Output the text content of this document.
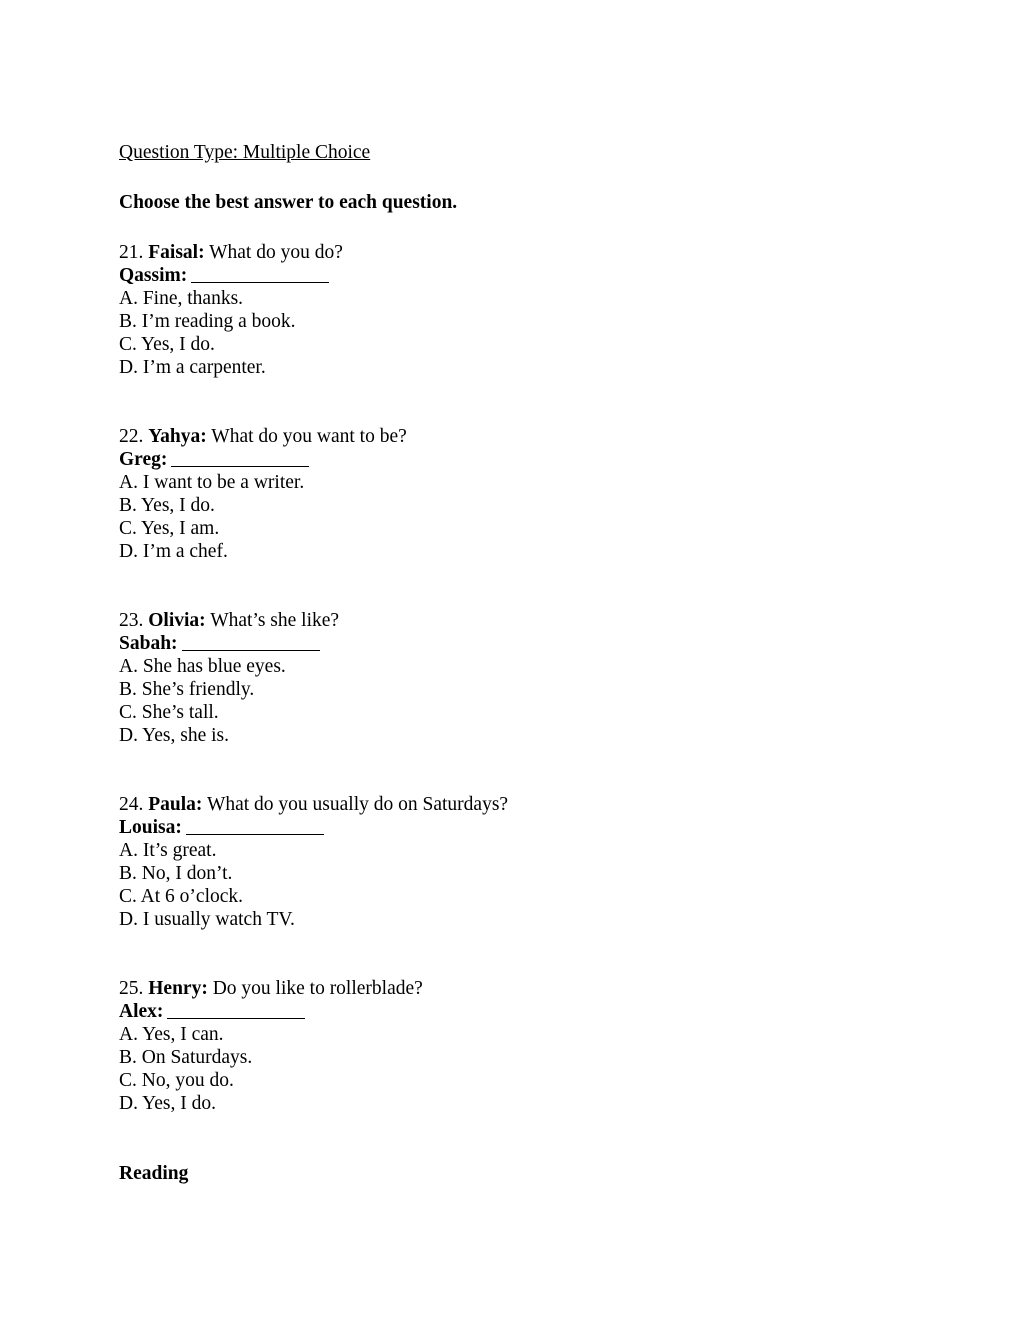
Question Type: Multiple Choice
Choose the best answer to each question.
21. Faisal: What do you do?
Qassim:
A. Fine, thanks.
B. I’m reading a book.
C. Yes, I do.
D. I’m a carpenter.
22. Yahya: What do you want to be?
Greg:
A. I want to be a writer.
B. Yes, I do.
C. Yes, I am.
D. I’m a chef.
23. Olivia: What’s she like?
Sabah:
A. She has blue eyes.
B. She’s friendly.
C. She’s tall.
D. Yes, she is.
24. Paula: What do you usually do on Saturdays?
Louisa:
A. It’s great.
B. No, I don’t.
C. At 6 o’clock.
D. I usually watch TV.
25. Henry: Do you like to rollerblade?
Alex:
A. Yes, I can.
B. On Saturdays.
C. No, you do.
D. Yes, I do.
Reading
